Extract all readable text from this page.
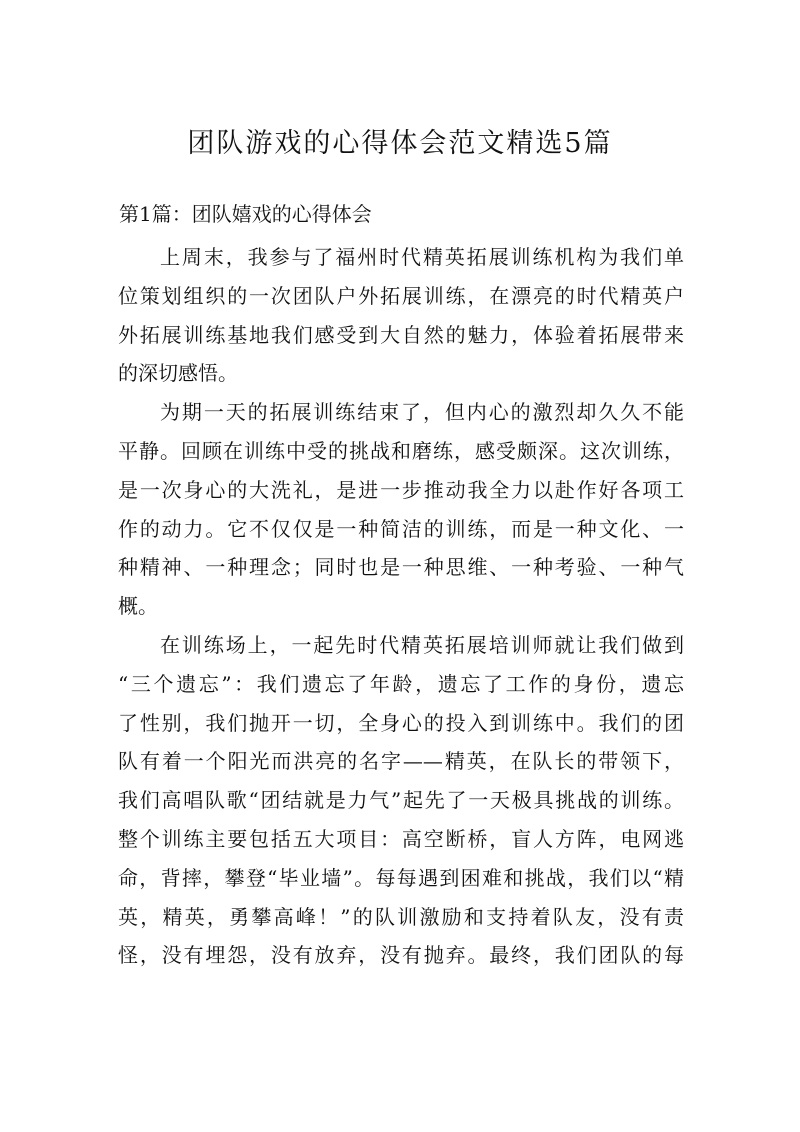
团队游戏的心得体会范文精选5篇
第1篇：团队嬉戏的心得体会
上周末，我参与了福州时代精英拓展训练机构为我们单
位策划组织的一次团队户外拓展训练，在漂亮的时代精英户
外拓展训练基地我们感受到大自然的魅力，体验着拓展带来
的深切感悟。
为期一天的拓展训练结束了，但内心的激烈却久久不能
平静。回顾在训练中受的挑战和磨练，感受颇深。这次训练，
是一次身心的大洗礼，是进一步推动我全力以赴作好各项工
作的动力。它不仅仅是一种简洁的训练，而是一种文化、一
种精神、一种理念；同时也是一种思维、一种考验、一种气
概。
在训练场上，一起先时代精英拓展培训师就让我们做到
“三个遗忘”：我们遗忘了年龄，遗忘了工作的身份，遗忘
了性别，我们抛开一切，全身心的投入到训练中。我们的团
队有着一个阳光而洪亮的名字——精英，在队长的带领下，
我们高唱队歌“团结就是力气”起先了一天极具挑战的训练。
整个训练主要包括五大项目：高空断桥，盲人方阵，电网逃
命，背摔，攀登“毕业墙”。每每遇到困难和挑战，我们以“精
英，精英，勇攀高峰！”的队训激励和支持着队友，没有责
怪，没有埋怨，没有放弃，没有抛弃。最终，我们团队的每
